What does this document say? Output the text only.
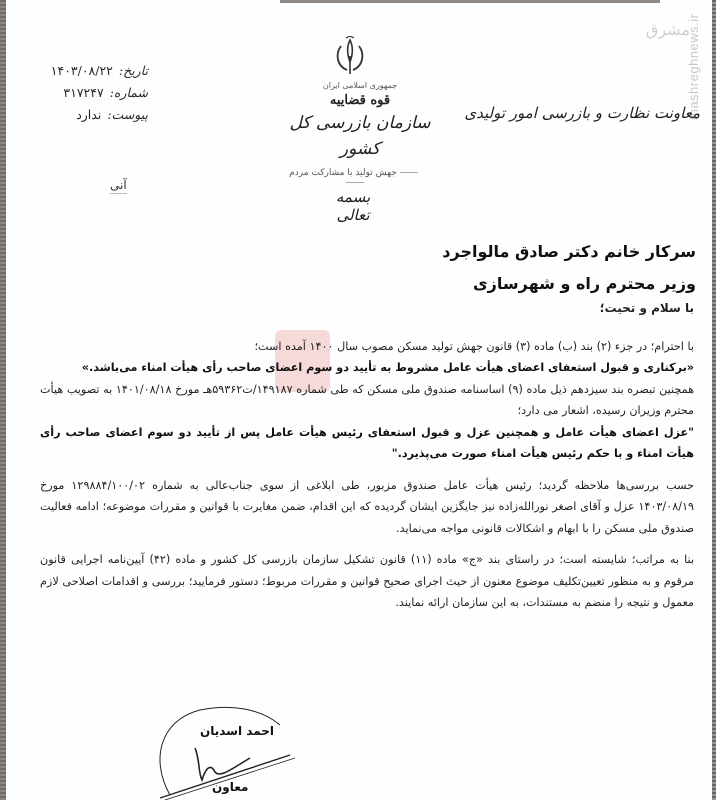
مشرق
mashreghnews.ir
تاریخ:
۱۴۰۳/۰۸/۲۲
شماره:
۳۱۷۲۴۷
پیوست:
ندارد
آنی
جمهوری اسلامی ایران
قوه قضاییه
سازمان بازرسی کل کشور
جهش تولید با مشارکت مردم
بسمه تعالی
معاونت نظارت و بازرسی امور تولیدی
سرکار خانم دکتر صادق مالواجرد
وزیر محترم راه و شهرسازی

با سلام و تحیت؛

با احترام؛ در جزء (۲) بند (ب) ماده (۳) قانون جهش تولید مسکن مصوب سال ۱۴۰۰ آمده است؛

«برکناری و قبول استعفای اعضای هیأت عامل مشروط به تأیید دو سوم اعضای صاحب رأی هیأت امناء می‌باشد.»

همچنین تبصره بند سیزدهم ذیل ماده (۹) اساسنامه صندوق ملی مسکن که طی شماره ۱۴۹۱۸۷/ت۵۹۳۶۲هـ مورخ ۱۴۰۱/۰۸/۱۸ به تصویب هیأت محترم وزیران رسیده، اشعار می دارد؛

"عزل اعضای هیأت عامل و همچنین عزل و قبول استعفای رئیس هیأت عامل پس از تأیید دو سوم اعضای صاحب رأی هیأت امناء و با حکم رئیس هیأت امناء صورت می‌پذیرد."

حسب بررسی‌ها ملاحظه گردید؛ رئیس هیأت عامل صندوق مزبور، طی ابلاغی از سوی جناب‌عالی به شماره ۱۲۹۸۸۴/۱۰۰/۰۲ مورخ ۱۴۰۳/۰۸/۱۹ عزل و آقای اصغر نورالله‌زاده نیز جایگزین ایشان گردیده که این اقدام، ضمن مغایرت با قوانین و مقررات موضوعه؛ ادامه فعالیت صندوق ملی مسکن را با ابهام و اشکالات قانونی مواجه می‌نماید.

بنا به مراتب؛ شایسته است؛ در راستای بند «ج» ماده (۱۱) قانون تشکیل سازمان بازرسی کل کشور و ماده (۴۲) آیین‌نامه اجرایی قانون مرقوم و به منظور تعیین‌تکلیف موضوع معنون از حیث اجرای صحیح قوانین و مقررات مربوط؛ دستور فرمایید؛ بررسی و اقدامات اصلاحی لازم معمول و نتیجه را منضم به مستندات، به این سازمان ارائه نمایند.

احمد اسدیان
معاون
